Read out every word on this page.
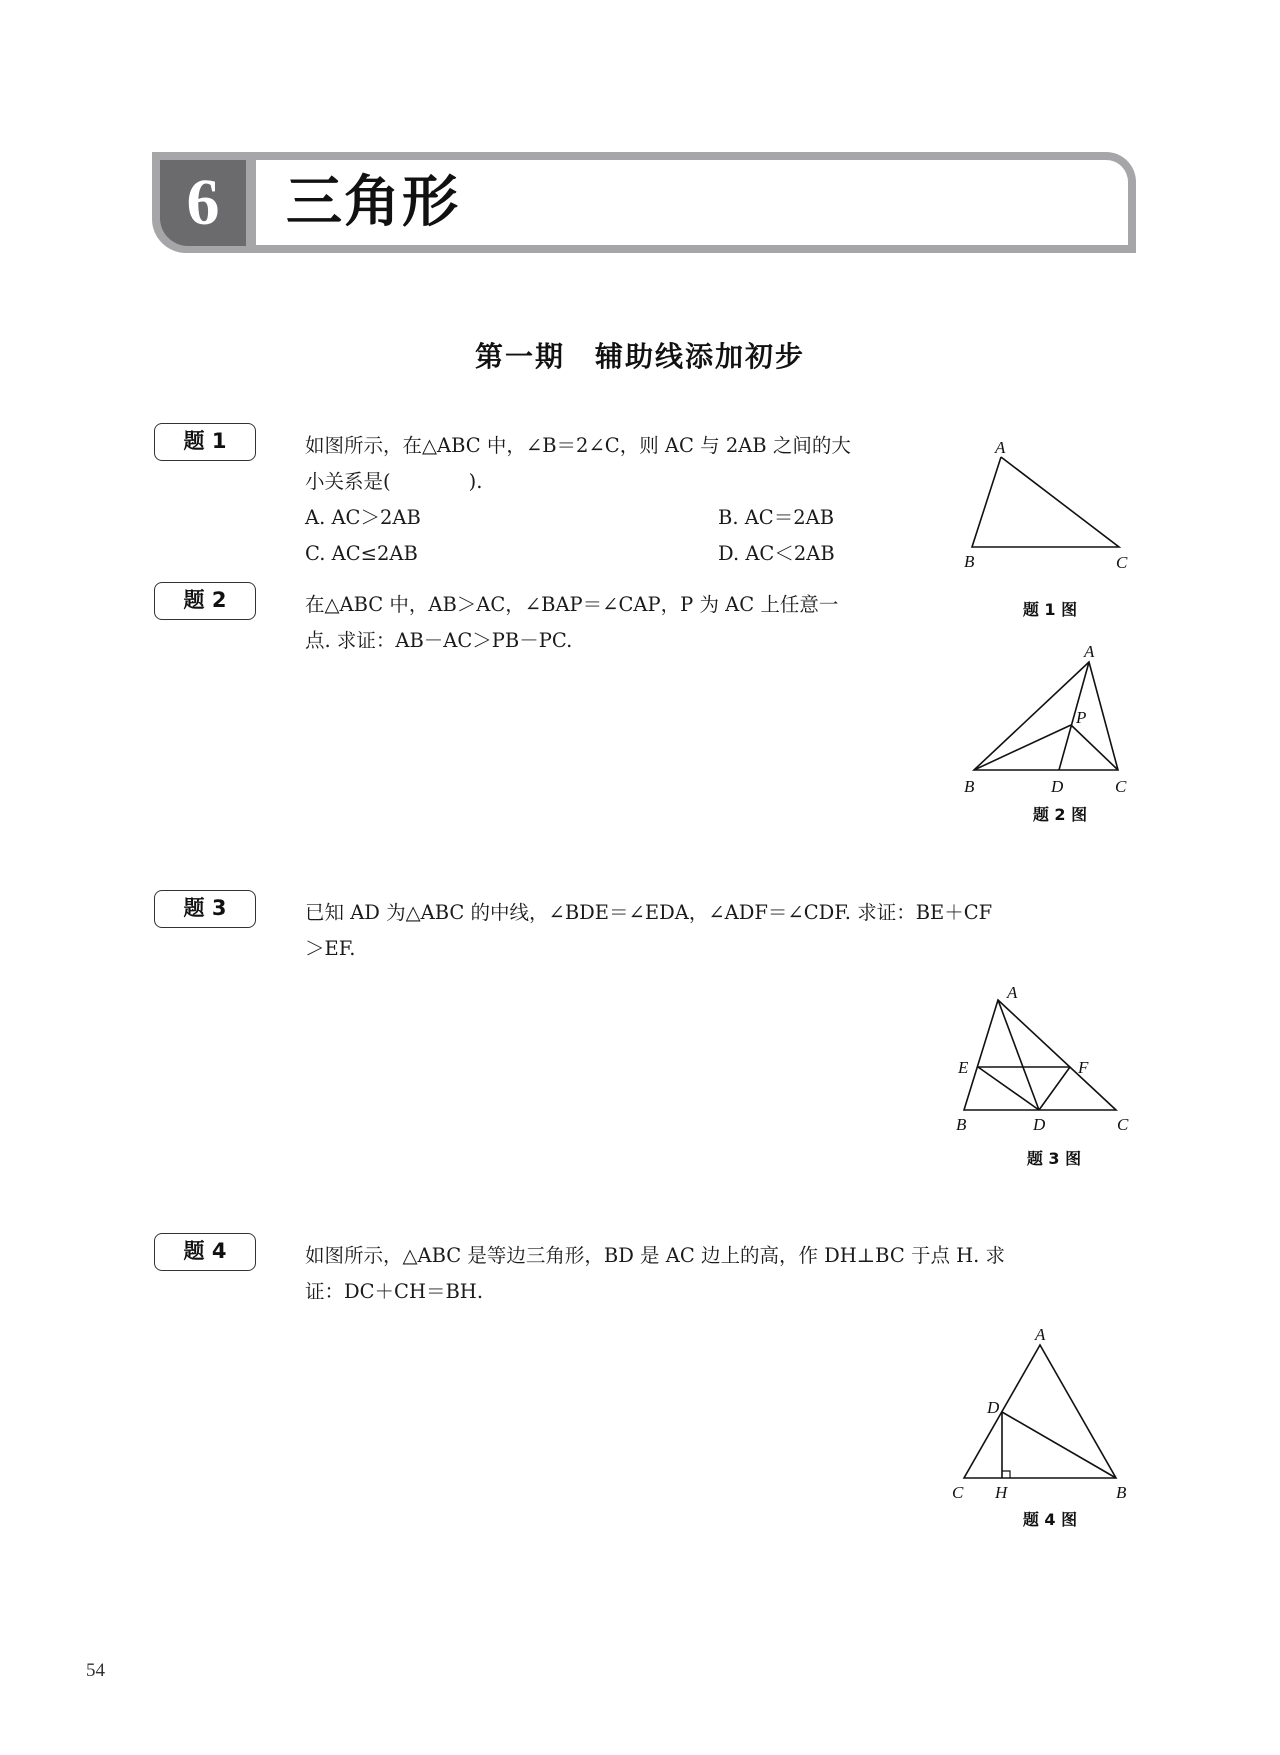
6	三角形
第一期　辅助线添加初步
题 1	如图所示，在△ABC 中，∠B＝2∠C，则 AC 与 2AB 之间的大
小关系是(　　　　).
A. AC＞2AB	B. AC＝2AB
C. AC≤2AB	D. AC＜2AB
A
B	C
题 1 图
题 2	在△ABC 中，AB＞AC，∠BAP＝∠CAP，P 为 AC 上任意一
点. 求证：AB－AC＞PB－PC.	A
B	D	C
P
题 2 图
题 3	已知 AD 为△ABC 的中线，∠BDE＝∠EDA，∠ADF＝∠CDF. 求证：BE＋CF
＞EF.
A
E	F
B	D	C
题 3 图
题 4	如图所示，△ABC 是等边三角形，BD 是 AC 边上的高，作 DH⊥BC 于点 H. 求
证：DC＋CH＝BH.
A
D
C H	B
题 4 图
54
